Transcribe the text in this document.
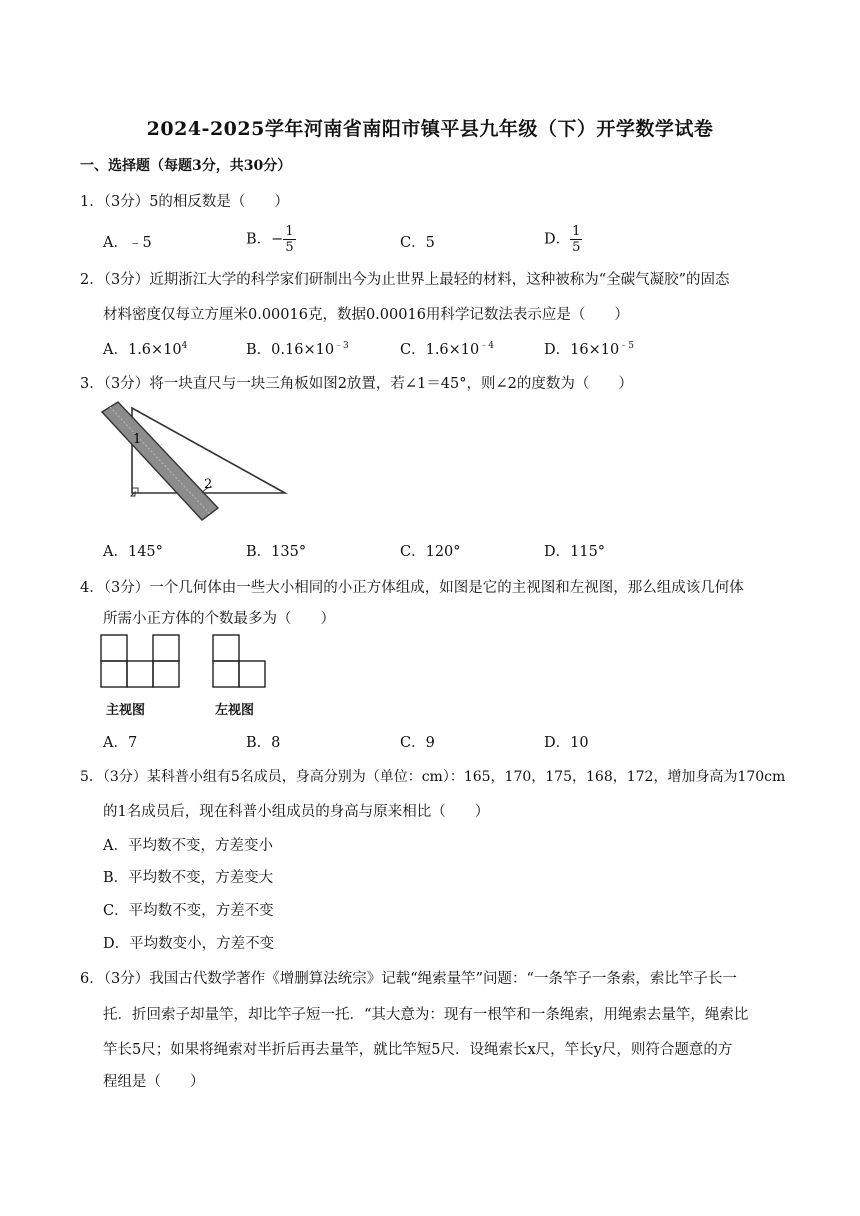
2024-2025学年河南省南阳市镇平县九年级（下）开学数学试卷
一、选择题（每题3分，共30分）
1．（3分）5的相反数是（　　）
A．﹣5	B．− $\frac{1}{5}$	C．5	D． $\frac{1}{5}$
2．（3分）近期浙江大学的科学家们研制出今为止世界上最轻的材料，这种被称为“全碳气凝胶”的固态
材料密度仅每立方厘米0.00016克，数据0.00016用科学记数法表示应是（　　）
A．$1.6\times 10^4$	B．$0.16\times 10^{﹣3}$	C．$1.6\times 10^{﹣4}$	D．$16\times 10^{﹣5}$
3．（3分）将一块直尺与一块三角板如图2放置，若∠1＝45°，则∠2的度数为（　　）
1
2
A．145°	B．135°	C．120°	D．115°
4．（3分）一个几何体由一些大小相同的小正方体组成，如图是它的主视图和左视图，那么组成该几何体
所需小正方体的个数最多为（　　）
主视图	左视图
A．7	B．8	C．9	D．10
5．（3分）某科普小组有5名成员，身高分别为（单位：cm）：165，170，175，168，172，增加身高为170cm
的1名成员后，现在科普小组成员的身高与原来相比（　　）
A．平均数不变，方差变小
B．平均数不变，方差变大
C．平均数不变，方差不变
D．平均数变小，方差不变
6．（3分）我国古代数学著作《增删算法统宗》记载“绳索量竿”问题：“一条竿子一条索，索比竿子长一
托．折回索子却量竿，却比竿子短一托．“其大意为：现有一根竿和一条绳索，用绳索去量竿，绳索比
竿长5尺；如果将绳索对半折后再去量竿，就比竿短5尺．设绳索长x尺，竿长y尺，则符合题意的方
程组是（　　）
